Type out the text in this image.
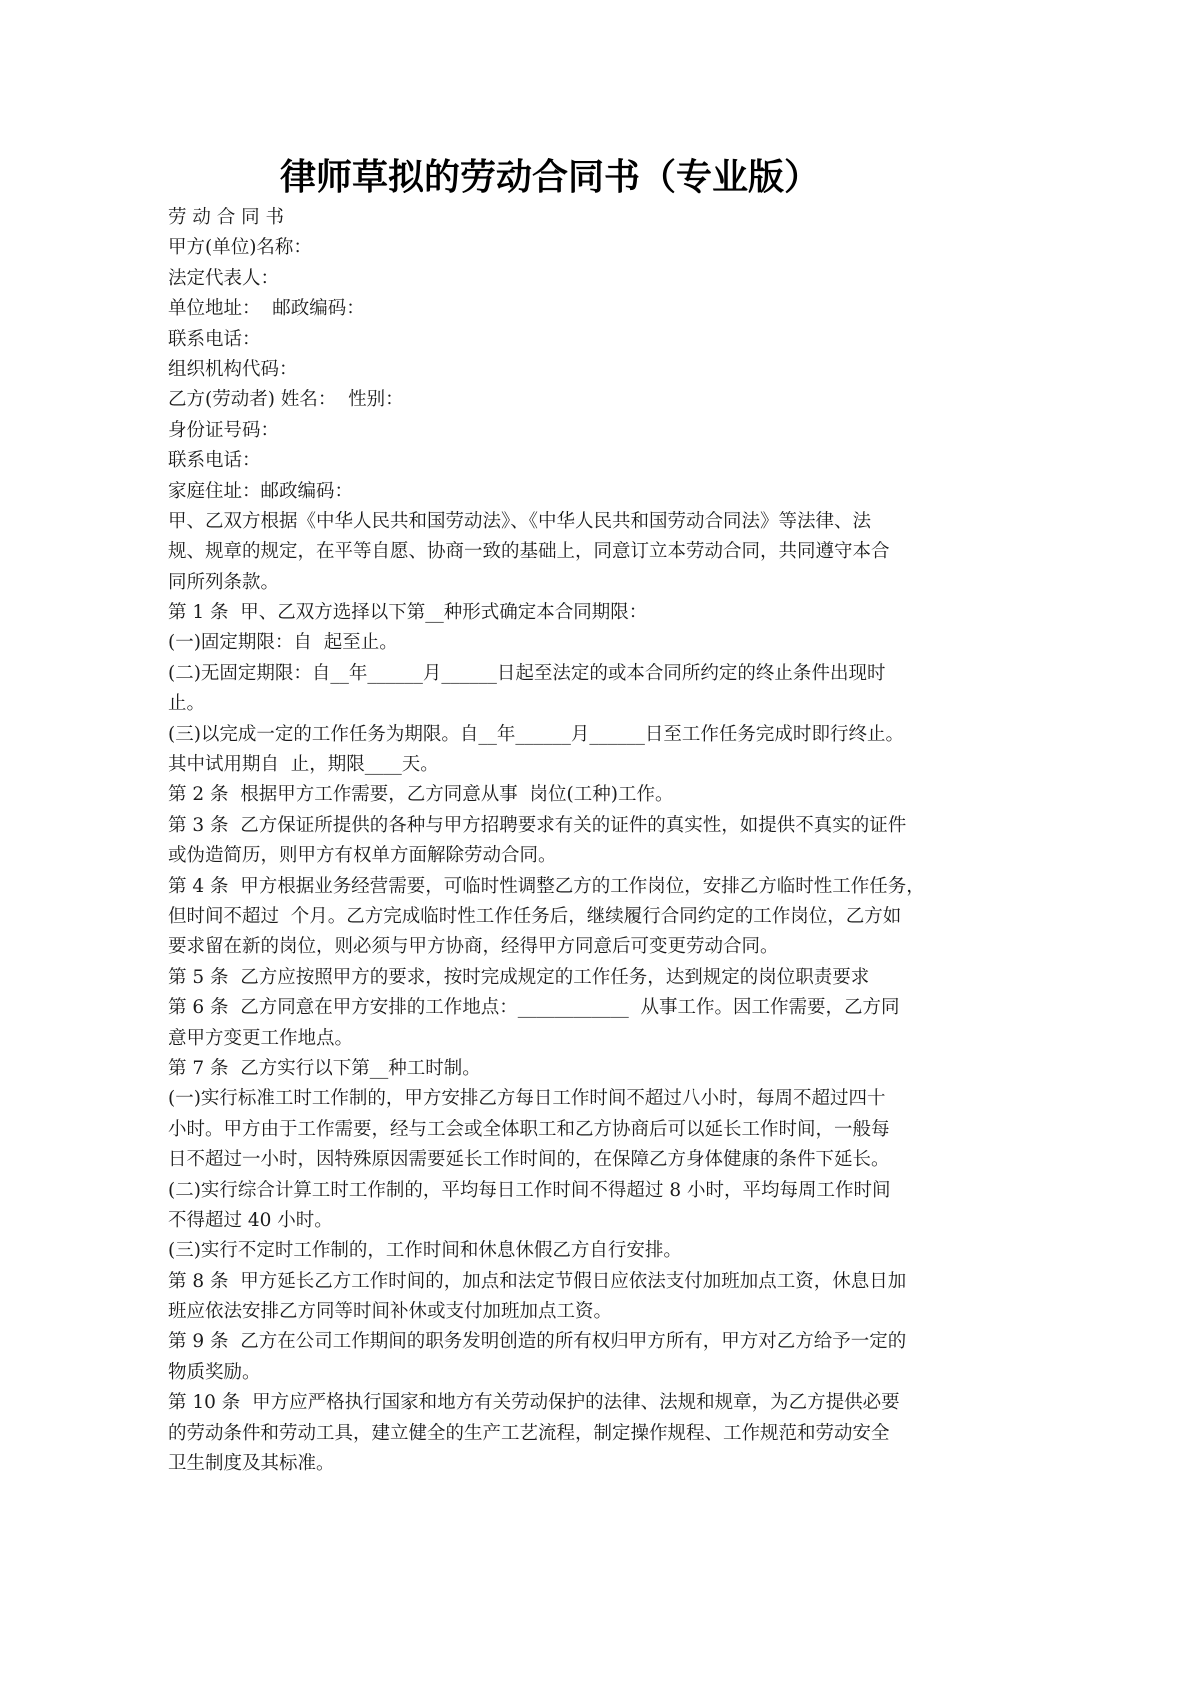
律师草拟的劳动合同书（专业版）
劳 动 合 同 书
甲方(单位)名称：
法定代表人：
单位地址：  邮政编码：
联系电话：
组织机构代码：
乙方(劳动者) 姓名：  性别：
身份证号码：
联系电话：
家庭住址：邮政编码：
甲、乙双方根据《中华人民共和国劳动法》、《中华人民共和国劳动合同法》等法律、法
规、规章的规定，在平等自愿、协商一致的基础上，同意订立本劳动合同，共同遵守本合
同所列条款。
第 1 条  甲、乙双方选择以下第__种形式确定本合同期限：
(一)固定期限：自  起至止。
(二)无固定期限：自__年______月______日起至法定的或本合同所约定的终止条件出现时
止。
(三)以完成一定的工作任务为期限。自__年______月______日至工作任务完成时即行终止。
其中试用期自  止，期限____天。
第 2 条  根据甲方工作需要，乙方同意从事  岗位(工种)工作。
第 3 条  乙方保证所提供的各种与甲方招聘要求有关的证件的真实性，如提供不真实的证件
或伪造简历，则甲方有权单方面解除劳动合同。
第 4 条  甲方根据业务经营需要，可临时性调整乙方的工作岗位，安排乙方临时性工作任务，
但时间不超过  个月。乙方完成临时性工作任务后，继续履行合同约定的工作岗位，乙方如
要求留在新的岗位，则必须与甲方协商，经得甲方同意后可变更劳动合同。
第 5 条  乙方应按照甲方的要求，按时完成规定的工作任务，达到规定的岗位职责要求
第 6 条  乙方同意在甲方安排的工作地点：____________  从事工作。因工作需要，乙方同
意甲方变更工作地点。
第 7 条  乙方实行以下第__种工时制。
(一)实行标准工时工作制的，甲方安排乙方每日工作时间不超过八小时，每周不超过四十
小时。甲方由于工作需要，经与工会或全体职工和乙方协商后可以延长工作时间，一般每
日不超过一小时，因特殊原因需要延长工作时间的，在保障乙方身体健康的条件下延长。
(二)实行综合计算工时工作制的，平均每日工作时间不得超过 8 小时，平均每周工作时间
不得超过 40 小时。
(三)实行不定时工作制的，工作时间和休息休假乙方自行安排。
第 8 条  甲方延长乙方工作时间的，加点和法定节假日应依法支付加班加点工资，休息日加
班应依法安排乙方同等时间补休或支付加班加点工资。
第 9 条  乙方在公司工作期间的职务发明创造的所有权归甲方所有，甲方对乙方给予一定的
物质奖励。
第 10 条  甲方应严格执行国家和地方有关劳动保护的法律、法规和规章，为乙方提供必要
的劳动条件和劳动工具，建立健全的生产工艺流程，制定操作规程、工作规范和劳动安全
卫生制度及其标准。
